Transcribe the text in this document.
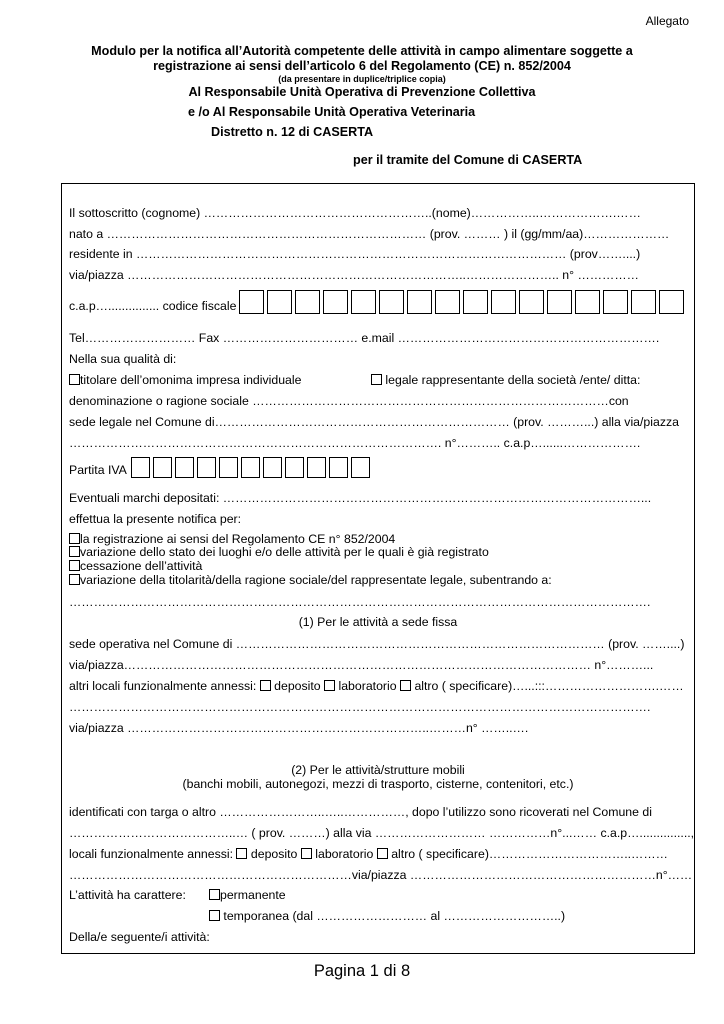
Allegato
Modulo per la notifica all’Autorità competente delle attività in campo alimentare soggette a
registrazione ai sensi dell’articolo 6 del Regolamento (CE) n. 852/2004
(da presentare in duplice/triplice copia)
Al Responsabile Unità Operativa di Prevenzione Collettiva
e /o Al Responsabile Unità Operativa Veterinaria
Distretto n. 12 di CASERTA
per il tramite del Comune di CASERTA
Il sottoscritto (cognome) ………………………………………………..(nome)……………..……………….……
nato a …………………………………………………………………… (prov. ……… ) il (gg/mm/aa)…………………
residente in …………………………………………………………………………………………… (prov……....)
via/piazza ………………………………………………………………………..………………….. n° ……………
c.a.p…............... codice fiscale
Tel……………………… Fax …………………………… e.mail ……………………………………………………….
Nella sua qualità di:
titolare dell’omonima impresa individuale	legale rappresentante della società /ente/ ditta:
denominazione o ragione sociale ……………………………………………………………………………con
sede legale nel Comune di……………………………………………………………… (prov. ………...) alla via/piazza
………………………………………………………………………………. n°……….. c.a.p…......……………….
Partita IVA
Eventuali marchi depositati: …………………………………………………………………………………………...
effettua la presente notifica per:
la registrazione ai sensi del Regolamento CE n° 852/2004
variazione dello stato dei luoghi e/o delle attività per le quali è già registrato
cessazione dell’attività
variazione della titolarità/della ragione sociale/del rappresentate legale, subentrando a:
…………………………………………………………………………………………………………………………….
(1) Per le attività a sede fissa
sede operativa nel Comune di ……………………………………………………………………………… (prov. ……....)
via/piazza…………………………………………………………………………………………………… n°………...
altri locali funzionalmente annessi: deposito laboratorio altro ( specificare)…...:::……………………….……
…………………………………………………………………………………………………………………………….
via/piazza ………………………………………………………………..………n° ……..….
(2) Per le attività/strutture mobili
(banchi mobili, autonegozi, mezzi di trasporto, cisterne, contenitori, etc.)
identificati con targa o altro ……………………..…..……………, dopo l’utilizzo sono ricoverati nel Comune di
…………………………………..… ( prov. ………) alla via ……………………… ……………n°...…… c.a.p…...............,
locali funzionalmente annessi: deposito laboratorio altro ( specificare)……………………………..………
……………………………………………………………via/piazza ……………………………………………………n°……
L’attività ha carattere:	permanente
temporanea (dal ……………………… al ………………………..)
Della/e seguente/i attività:
Pagina 1 di 8
